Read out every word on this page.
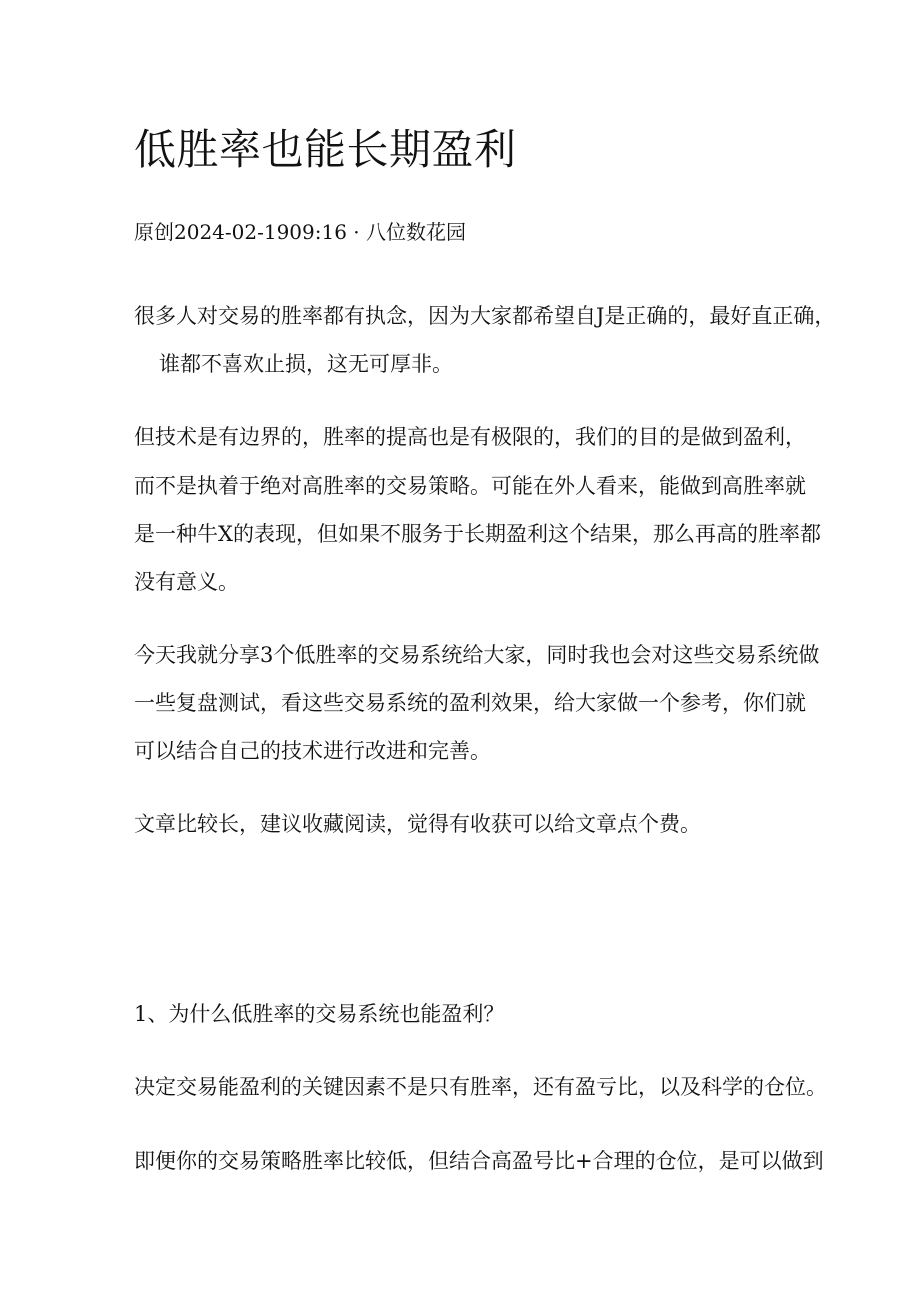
低胜率也能长期盈利
原创2024-02-1909:16 · 八位数花园
很多人对交易的胜率都有执念，因为大家都希望自J是正确的，最好直正确，
谁都不喜欢止损，这无可厚非。
但技术是有边界的，胜率的提高也是有极限的，我们的目的是做到盈利，
而不是执着于绝对高胜率的交易策略。可能在外人看来，能做到高胜率就
是一种牛X的表现，但如果不服务于长期盈利这个结果，那么再高的胜率都
没有意义。
今天我就分享3个低胜率的交易系统给大家，同时我也会对这些交易系统做
一些复盘测试，看这些交易系统的盈利效果，给大家做一个参考，你们就
可以结合自己的技术进行改进和完善。
文章比较长，建议收藏阅读，觉得有收获可以给文章点个费。
1、为什么低胜率的交易系统也能盈利？
决定交易能盈利的关键因素不是只有胜率，还有盈亏比，以及科学的仓位。
即便你的交易策略胜率比较低，但结合高盈号比+合理的仓位，是可以做到
